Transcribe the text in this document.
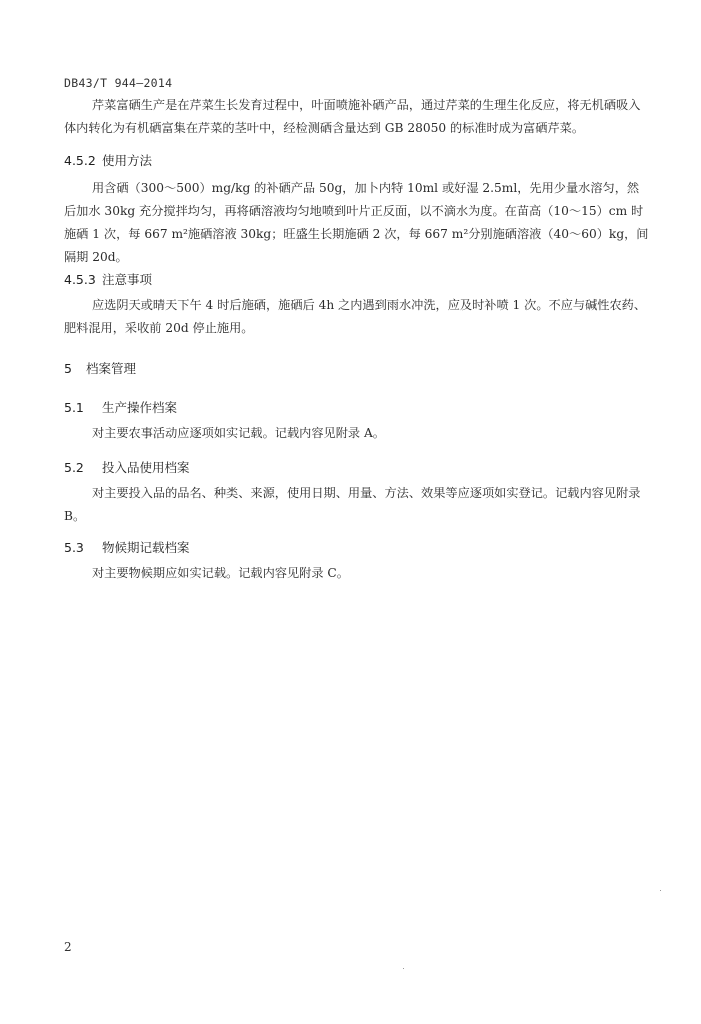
DB43/T 944—2014

芹菜富硒生产是在芹菜生长发育过程中，叶面喷施补硒产品，通过芹菜的生理生化反应，将无机硒吸入体内转化为有机硒富集在芹菜的茎叶中，经检测硒含量达到 GB 28050 的标准时成为富硒芹菜。

4.5.2 使用方法

用含硒（300～500）mg/kg 的补硒产品 50g，加卜内特 10ml 或好湿 2.5ml，先用少量水溶匀，然后加水 30kg 充分搅拌均匀，再将硒溶液均匀地喷到叶片正反面，以不滴水为度。在苗高（10～15）cm 时施硒 1 次，每 667 m²施硒溶液 30kg；旺盛生长期施硒 2 次，每 667 m²分别施硒溶液（40～60）kg，间隔期 20d。

4.5.3 注意事项

应选阴天或晴天下午 4 时后施硒，施硒后 4h 之内遇到雨水冲洗，应及时补喷 1 次。不应与碱性农药、肥料混用，采收前 20d 停止施用。

5 档案管理
5.1 生产操作档案

对主要农事活动应逐项如实记载。记载内容见附录 A。

5.2 投入品使用档案

对主要投入品的品名、种类、来源，使用日期、用量、方法、效果等应逐项如实登记。记载内容见附录 B。

5.3 物候期记载档案

对主要物候期应如实记载。记载内容见附录 C。

2
